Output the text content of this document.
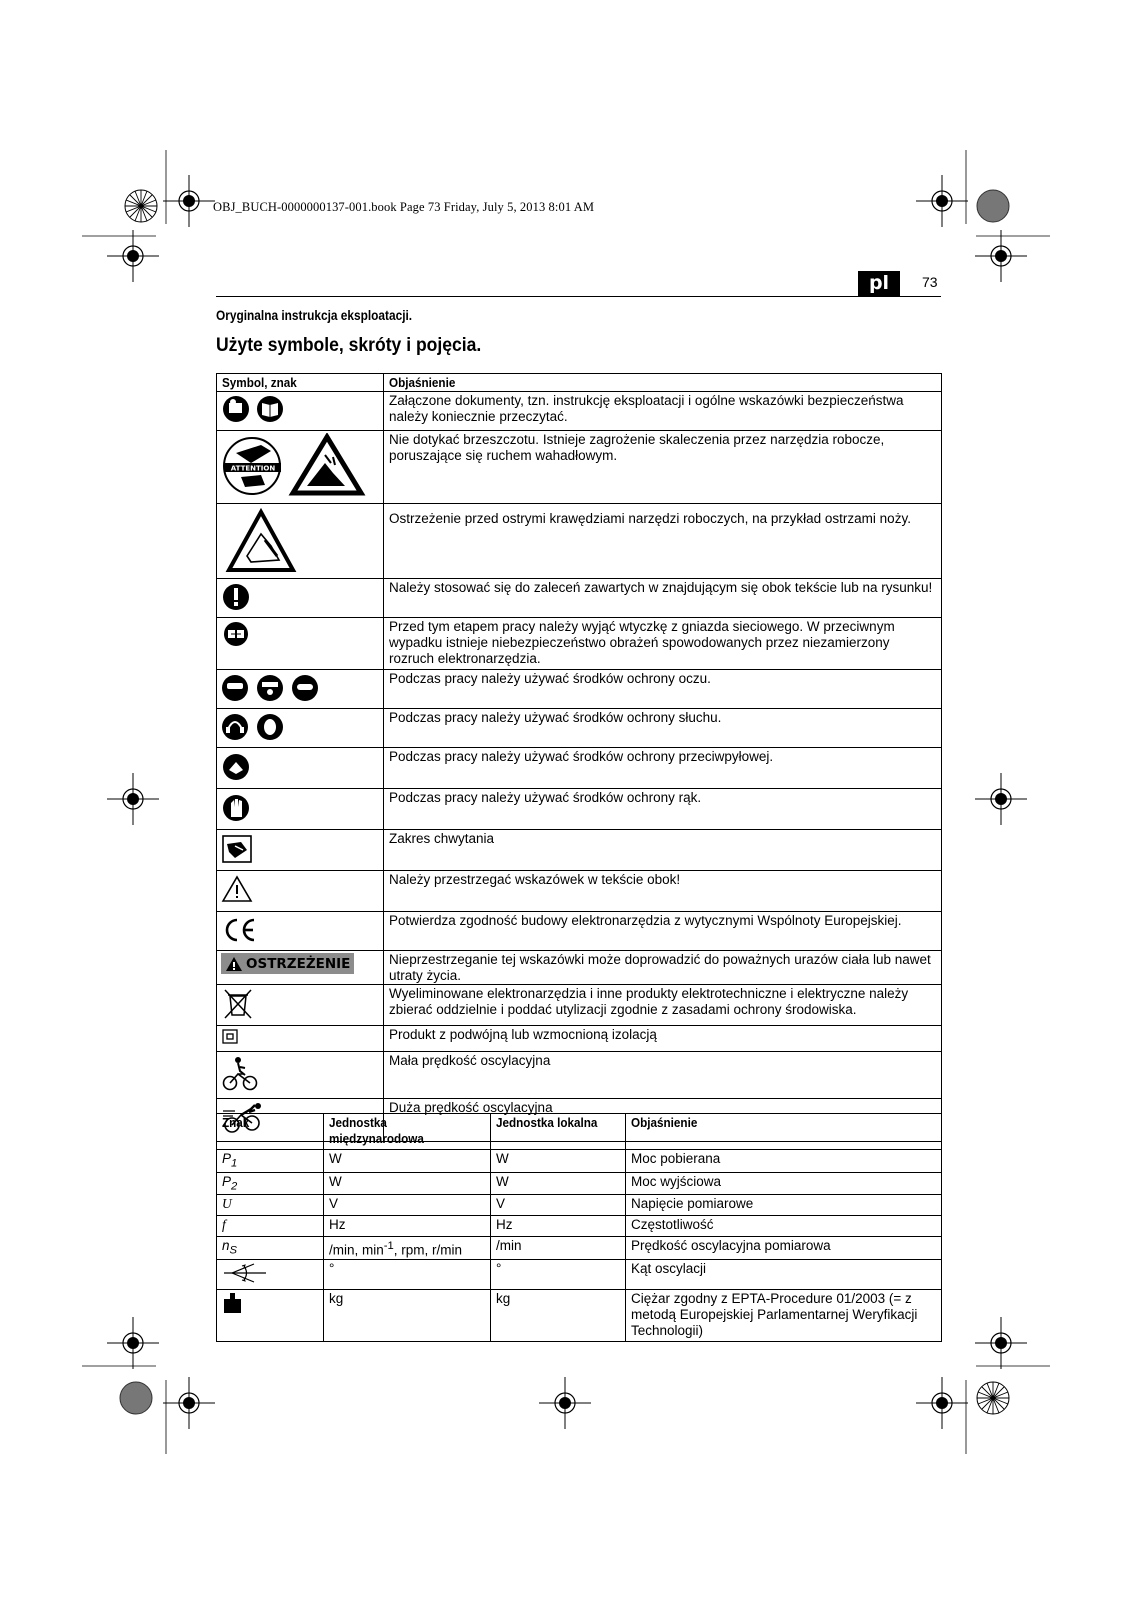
OBJ_BUCH-0000000137-001.book Page 73 Friday, July 5, 2013 8:01 AM
pl	73
Oryginalna instrukcja eksploatacji.
Użyte symbole, skróty i pojęcia.
Symbol, znak	Objaśnienie
	Załączone dokumenty, tzn. instrukcję eksploatacji i ogólne wskazówki bezpieczeństwa należy koniecznie przeczytać.

ATTENTION	Nie dotykać brzeszczotu. Istnieje zagrożenie skaleczenia przez narzędzia robocze, poruszające się ruchem wahadłowym.
	Ostrzeżenie przed ostrymi krawędziami narzędzi roboczych, na przykład ostrzami noży.
	Należy stosować się do zaleceń zawartych w znajdującym się obok tekście lub na rysunku!
	Przed tym etapem pracy należy wyjąć wtyczkę z gniazda sieciowego. W przeciwnym wypadku istnieje niebezpieczeństwo obrażeń spowodowanych przez niezamierzony rozruch elektronarzędzia.
	Podczas pracy należy używać środków ochrony oczu.
	Podczas pracy należy używać środków ochrony słuchu.
	Podczas pracy należy używać środków ochrony przeciwpyłowej.
	Podczas pracy należy używać środków ochrony rąk.
	Zakres chwytania
	Należy przestrzegać wskazówek w tekście obok!
	Potwierdza zgodność budowy elektronarzędzia z wytycznymi Wspólnoty Europejskiej.

OSTRZEŻENIE	Nieprzestrzeganie tej wskazówki może doprowadzić do poważnych urazów ciała lub nawet utraty życia.
	Wyeliminowane elektronarzędzia i inne produkty elektrotechniczne i elektryczne należy zbierać oddzielnie i poddać utylizacji zgodnie z zasadami ochrony środowiska.
	Produkt z podwójną lub wzmocnioną izolacją
	Mała prędkość oscylacyjna
	Duża prędkość oscylacyjna
Znak	Jednostka międzynarodowa	Jednostka lokalna	Objaśnienie
$P_1$	W	W	Moc pobierana
$P_2$	W	W	Moc wyjściowa
U	V	V	Napięcie pomiarowe
f	Hz	Hz	Częstotliwość
$n_S$	/min, $\min^{-1}$, rpm, r/min	/min	Prędkość oscylacyjna pomiarowa
	°	°	Kąt oscylacji
	kg	kg	Ciężar zgodny z EPTA-Procedure 01/2003 (= z metodą Europejskiej Parlamentarnej Weryfikacji Technologii)
